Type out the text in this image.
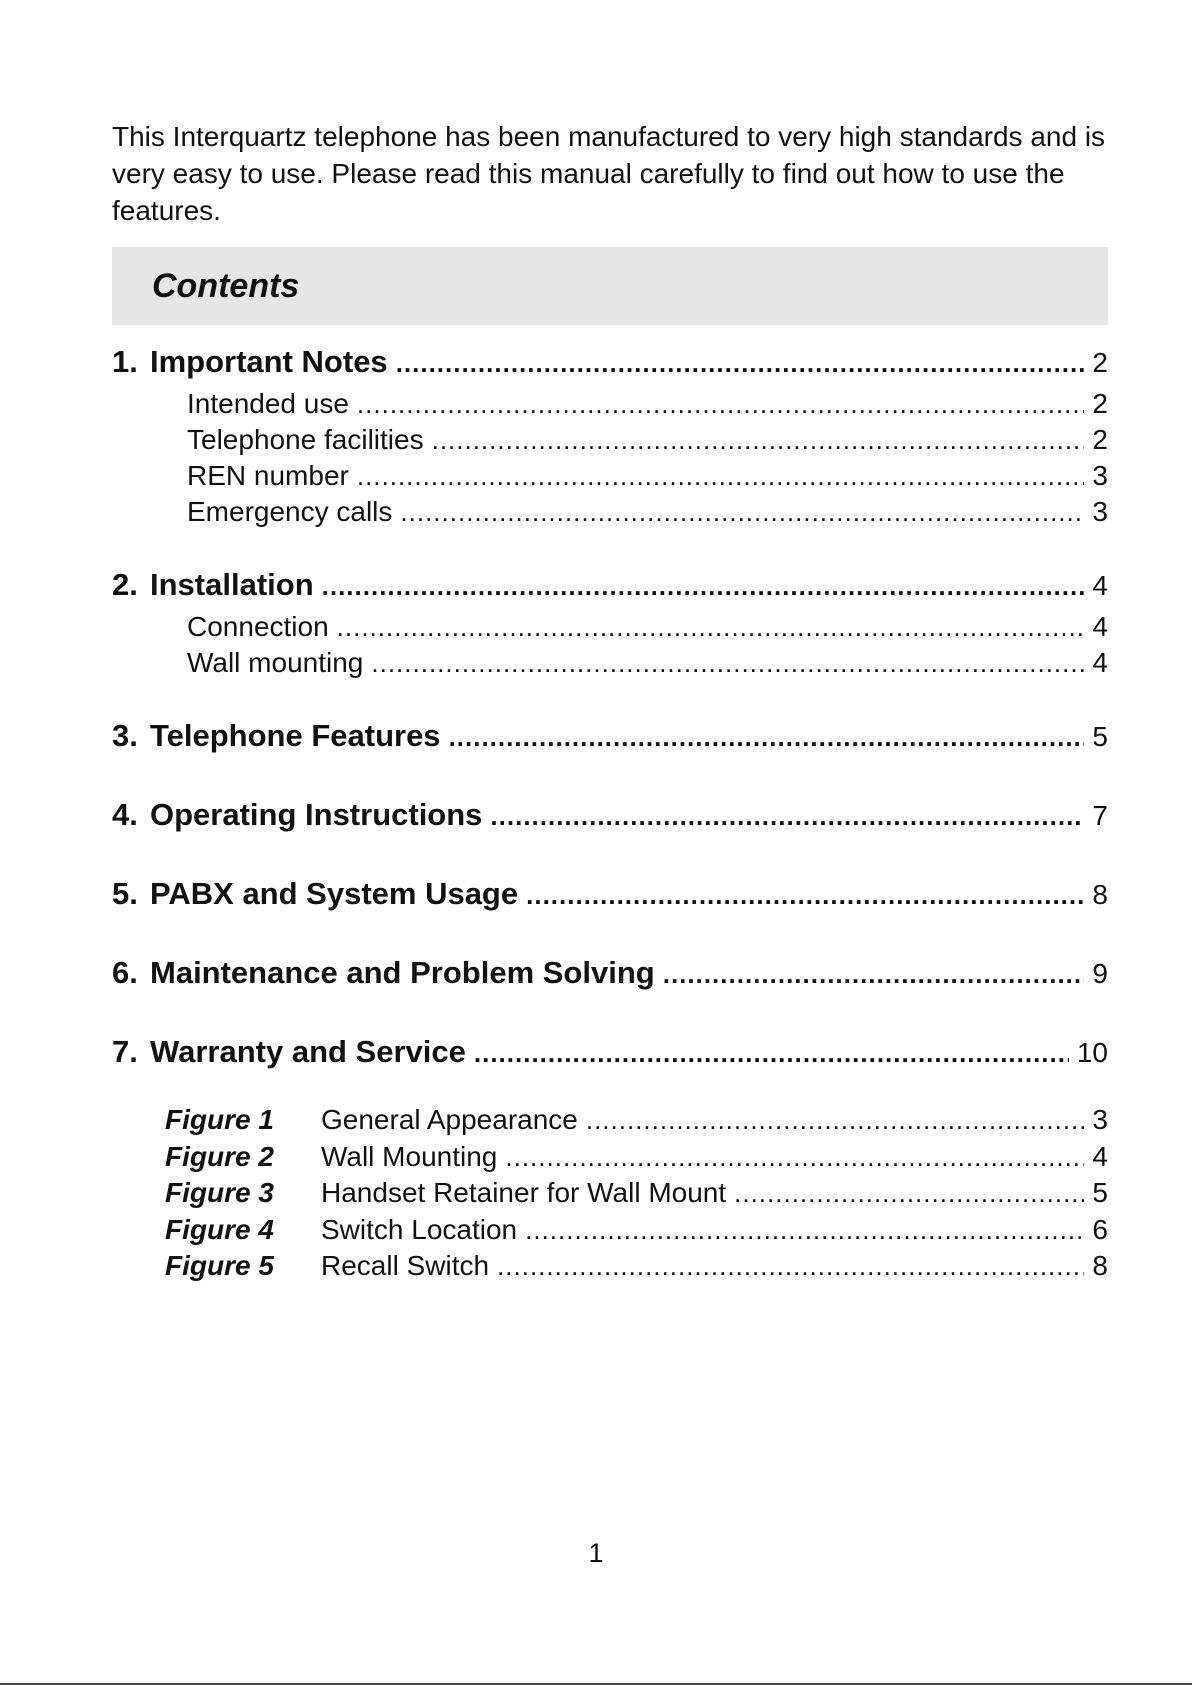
This Interquartz telephone has been manufactured to very high standards and is very easy to use. Please read this manual carefully to find out how to use the features.

Contents
1. Important Notes .....	2
Intended use .....	2
Telephone facilities .....	2
REN number .....	3
Emergency calls .....	3
2. Installation .....	4
Connection .....	4
Wall mounting .....	4
3. Telephone Features .....	5
4. Operating Instructions .....	7
5. PABX and System Usage .....	8
6. Maintenance and Problem Solving .....	9
7. Warranty and Service .....	10
Figure 1	General Appearance .....	3
Figure 2	Wall Mounting .....	4
Figure 3	Handset Retainer for Wall Mount .....	5
Figure 4	Switch Location .....	6
Figure 5	Recall Switch .....	8
1
